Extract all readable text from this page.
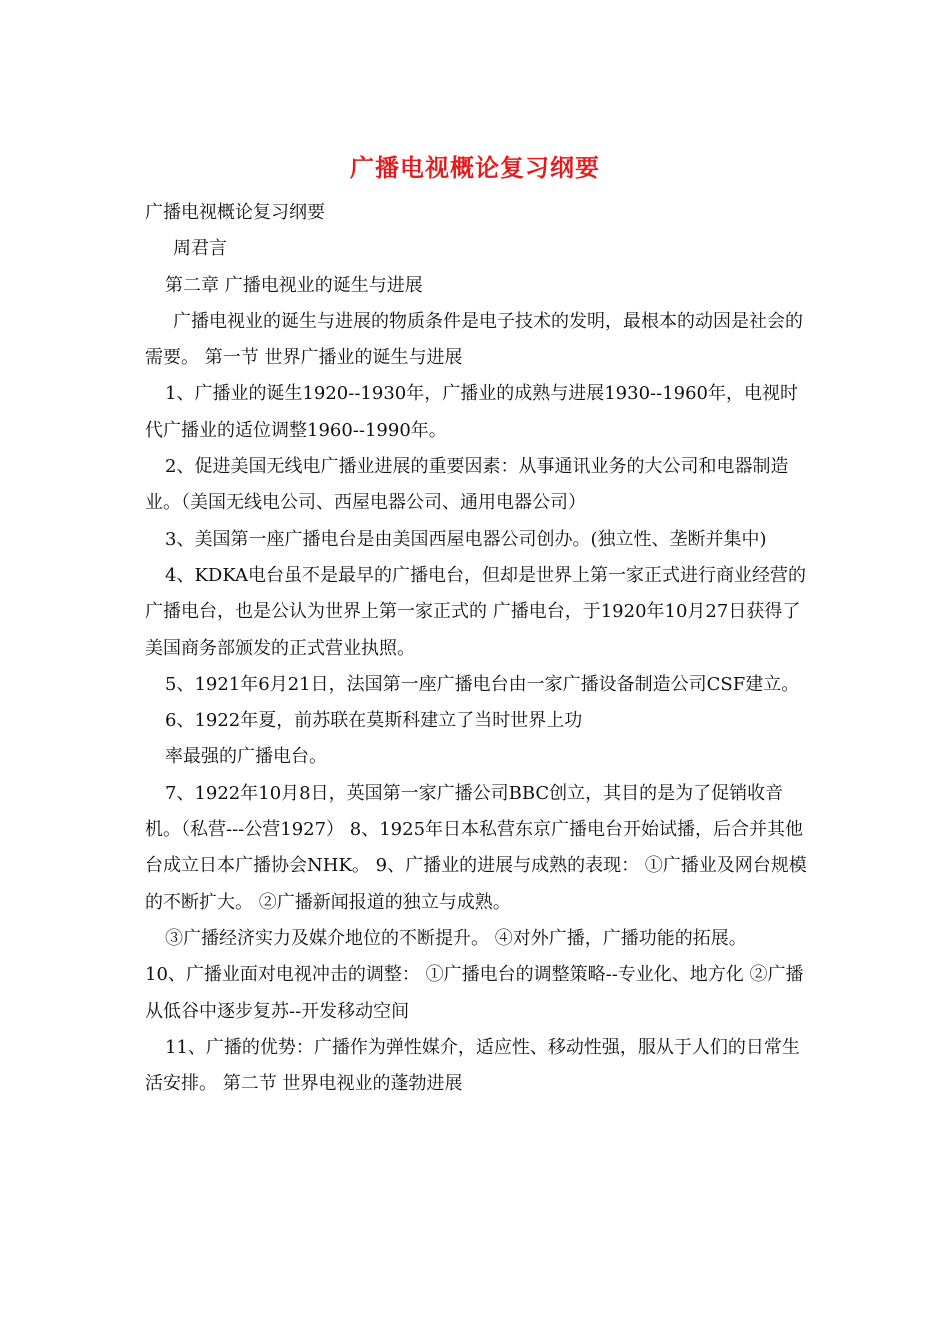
广播电视概论复习纲要

广播电视概论复习纲要

周君言

第二章 广播电视业的诞生与进展

广播电视业的诞生与进展的物质条件是电子技术的发明，最根本的动因是社会的需要。 第一节 世界广播业的诞生与进展

1、广播业的诞生1920--1930年，广播业的成熟与进展1930--1960年，电视时代广播业的适位调整1960--1990年。

2、促进美国无线电广播业进展的重要因素：从事通讯业务的大公司和电器制造业。（美国无线电公司、西屋电器公司、通用电器公司）

3、美国第一座广播电台是由美国西屋电器公司创办。(独立性、垄断并集中)

4、KDKA电台虽不是最早的广播电台，但却是世界上第一家正式进行商业经营的广播电台，也是公认为世界上第一家正式的 广播电台，于1920年10月27日获得了美国商务部颁发的正式营业执照。

5、1921年6月21日，法国第一座广播电台由一家广播设备制造公司CSF建立。

6、1922年夏，前苏联在莫斯科建立了当时世界上功

率最强的广播电台。

7、1922年10月8日，英国第一家广播公司BBC创立，其目的是为了促销收音机。（私营---公营1927） 8、1925年日本私营东京广播电台开始试播，后合并其他台成立日本广播协会NHK。 9、广播业的进展与成熟的表现： ①广播业及网台规模的不断扩大。 ②广播新闻报道的独立与成熟。

③广播经济实力及媒介地位的不断提升。 ④对外广播，广播功能的拓展。

10、广播业面对电视冲击的调整： ①广播电台的调整策略--专业化、地方化 ②广播从低谷中逐步复苏--开发移动空间

11、广播的优势：广播作为弹性媒介，适应性、移动性强，服从于人们的日常生活安排。 第二节 世界电视业的蓬勃进展
